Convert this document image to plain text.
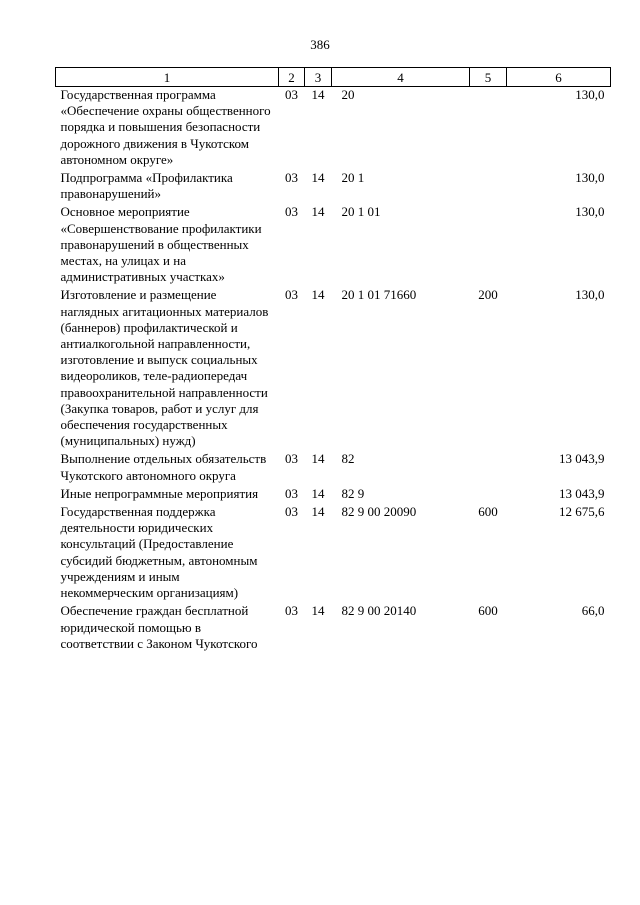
386
1	2	3	4	5	6
Государственная программа «Обеспечение охраны общественного порядка и повышения безопасности дорожного движения в Чукотском автономном округе»	03	14	20		130,0
Подпрограмма «Профилактика правонарушений»	03	14	20 1		130,0
Основное мероприятие «Совершенствование профилактики правонарушений в общественных местах, на улицах и на административных участках»	03	14	20 1 01		130,0
Изготовление и размещение наглядных агитационных материалов (баннеров) профилактической и антиалкогольной направленности, изготовление и выпуск социальных видеороликов, теле-радиопередач правоохранительной направленности (Закупка товаров, работ и услуг для обеспечения государственных (муниципальных) нужд)	03	14	20 1 01 71660	200	130,0
Выполнение отдельных обязательств Чукотского автономного округа	03	14	82		13 043,9
Иные непрограммные мероприятия	03	14	82 9		13 043,9
Государственная поддержка деятельности юридических консультаций (Предоставление субсидий бюджетным, автономным учреждениям и иным некоммерческим организациям)	03	14	82 9 00 20090	600	12 675,6
Обеспечение граждан бесплатной юридической помощью в соответствии с Законом Чукотского	03	14	82 9 00 20140	600	66,0
